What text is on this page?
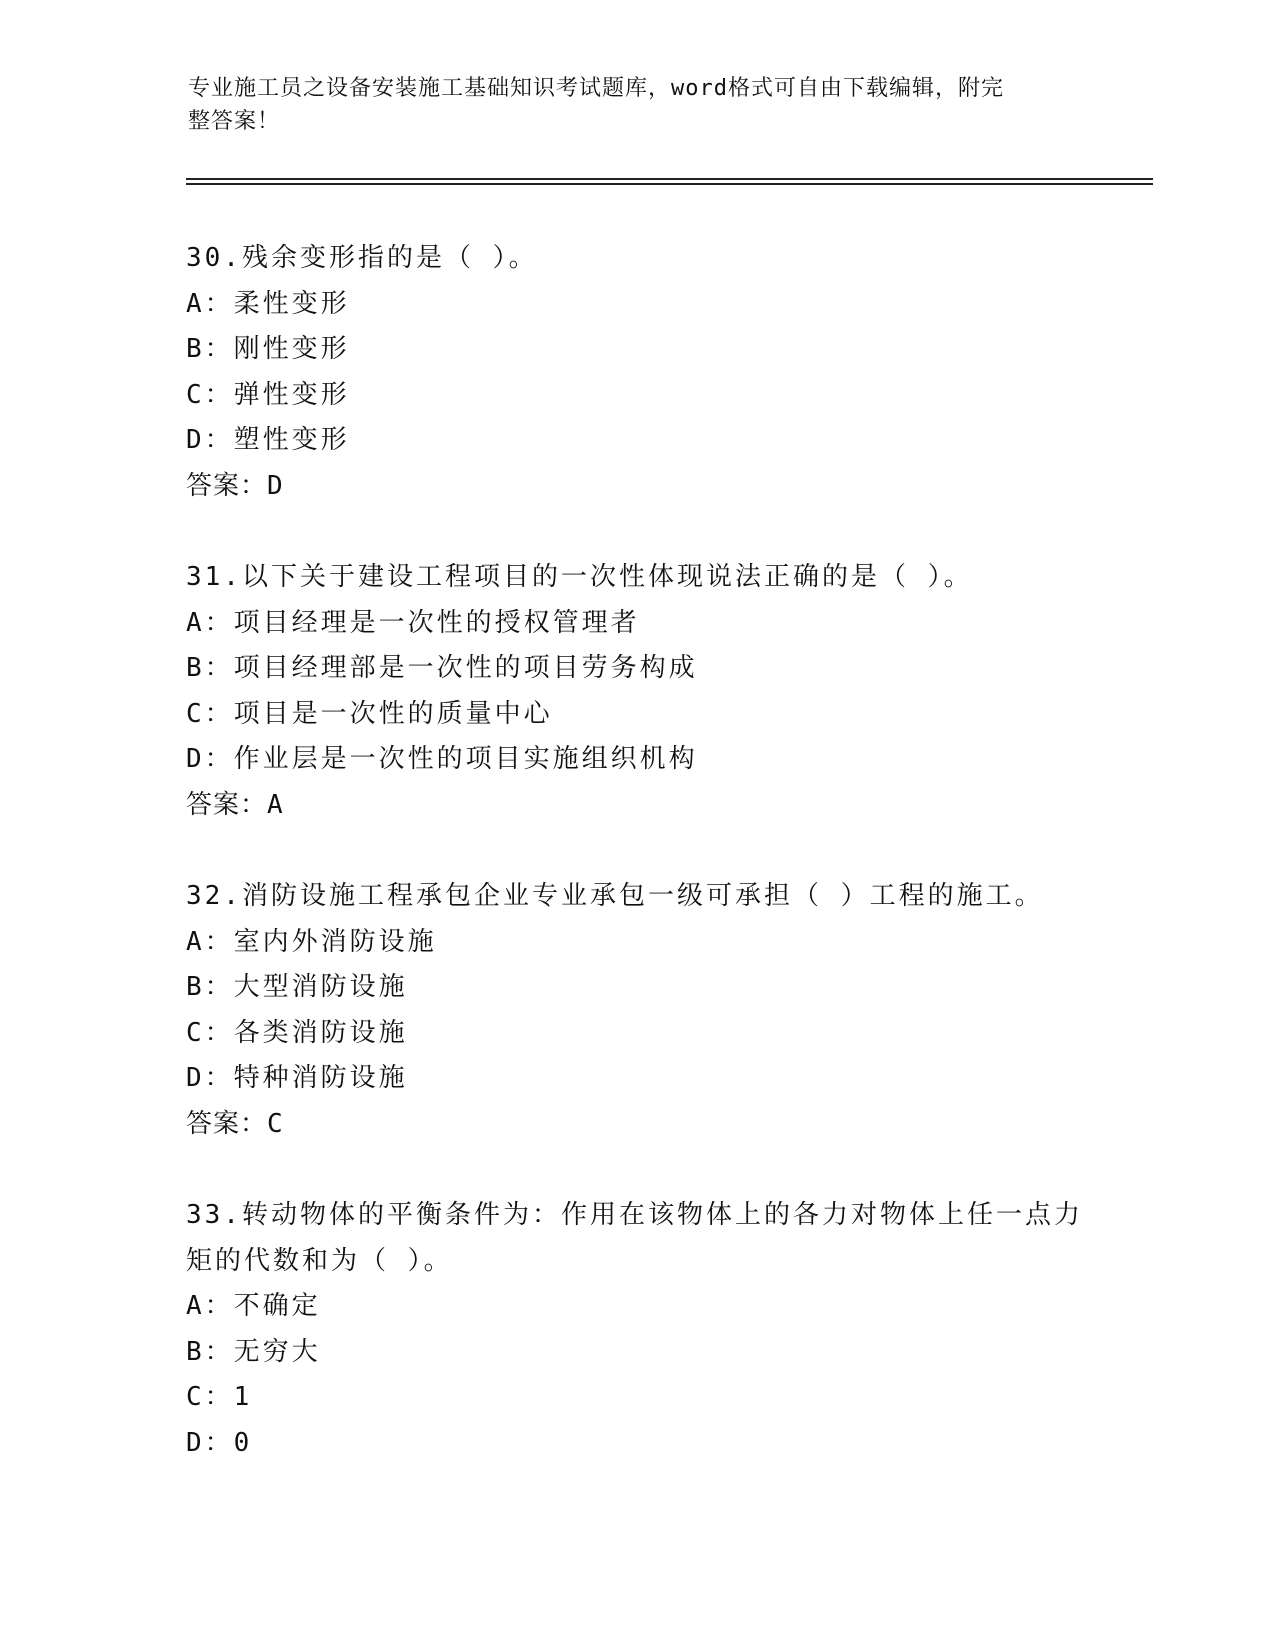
专业施工员之设备安装施工基础知识考试题库，word格式可自由下载编辑，附完
整答案！
30.残余变形指的是（ ）。
A：柔性变形
B：刚性变形
C：弹性变形
D：塑性变形
答案：D
31.以下关于建设工程项目的一次性体现说法正确的是（ ）。
A：项目经理是一次性的授权管理者
B：项目经理部是一次性的项目劳务构成
C：项目是一次性的质量中心
D：作业层是一次性的项目实施组织机构
答案：A
32.消防设施工程承包企业专业承包一级可承担（ ）工程的施工。
A：室内外消防设施
B：大型消防设施
C：各类消防设施
D：特种消防设施
答案：C
33.转动物体的平衡条件为：作用在该物体上的各力对物体上任一点力
矩的代数和为（ ）。
A：不确定
B：无穷大
C：1
D：0
